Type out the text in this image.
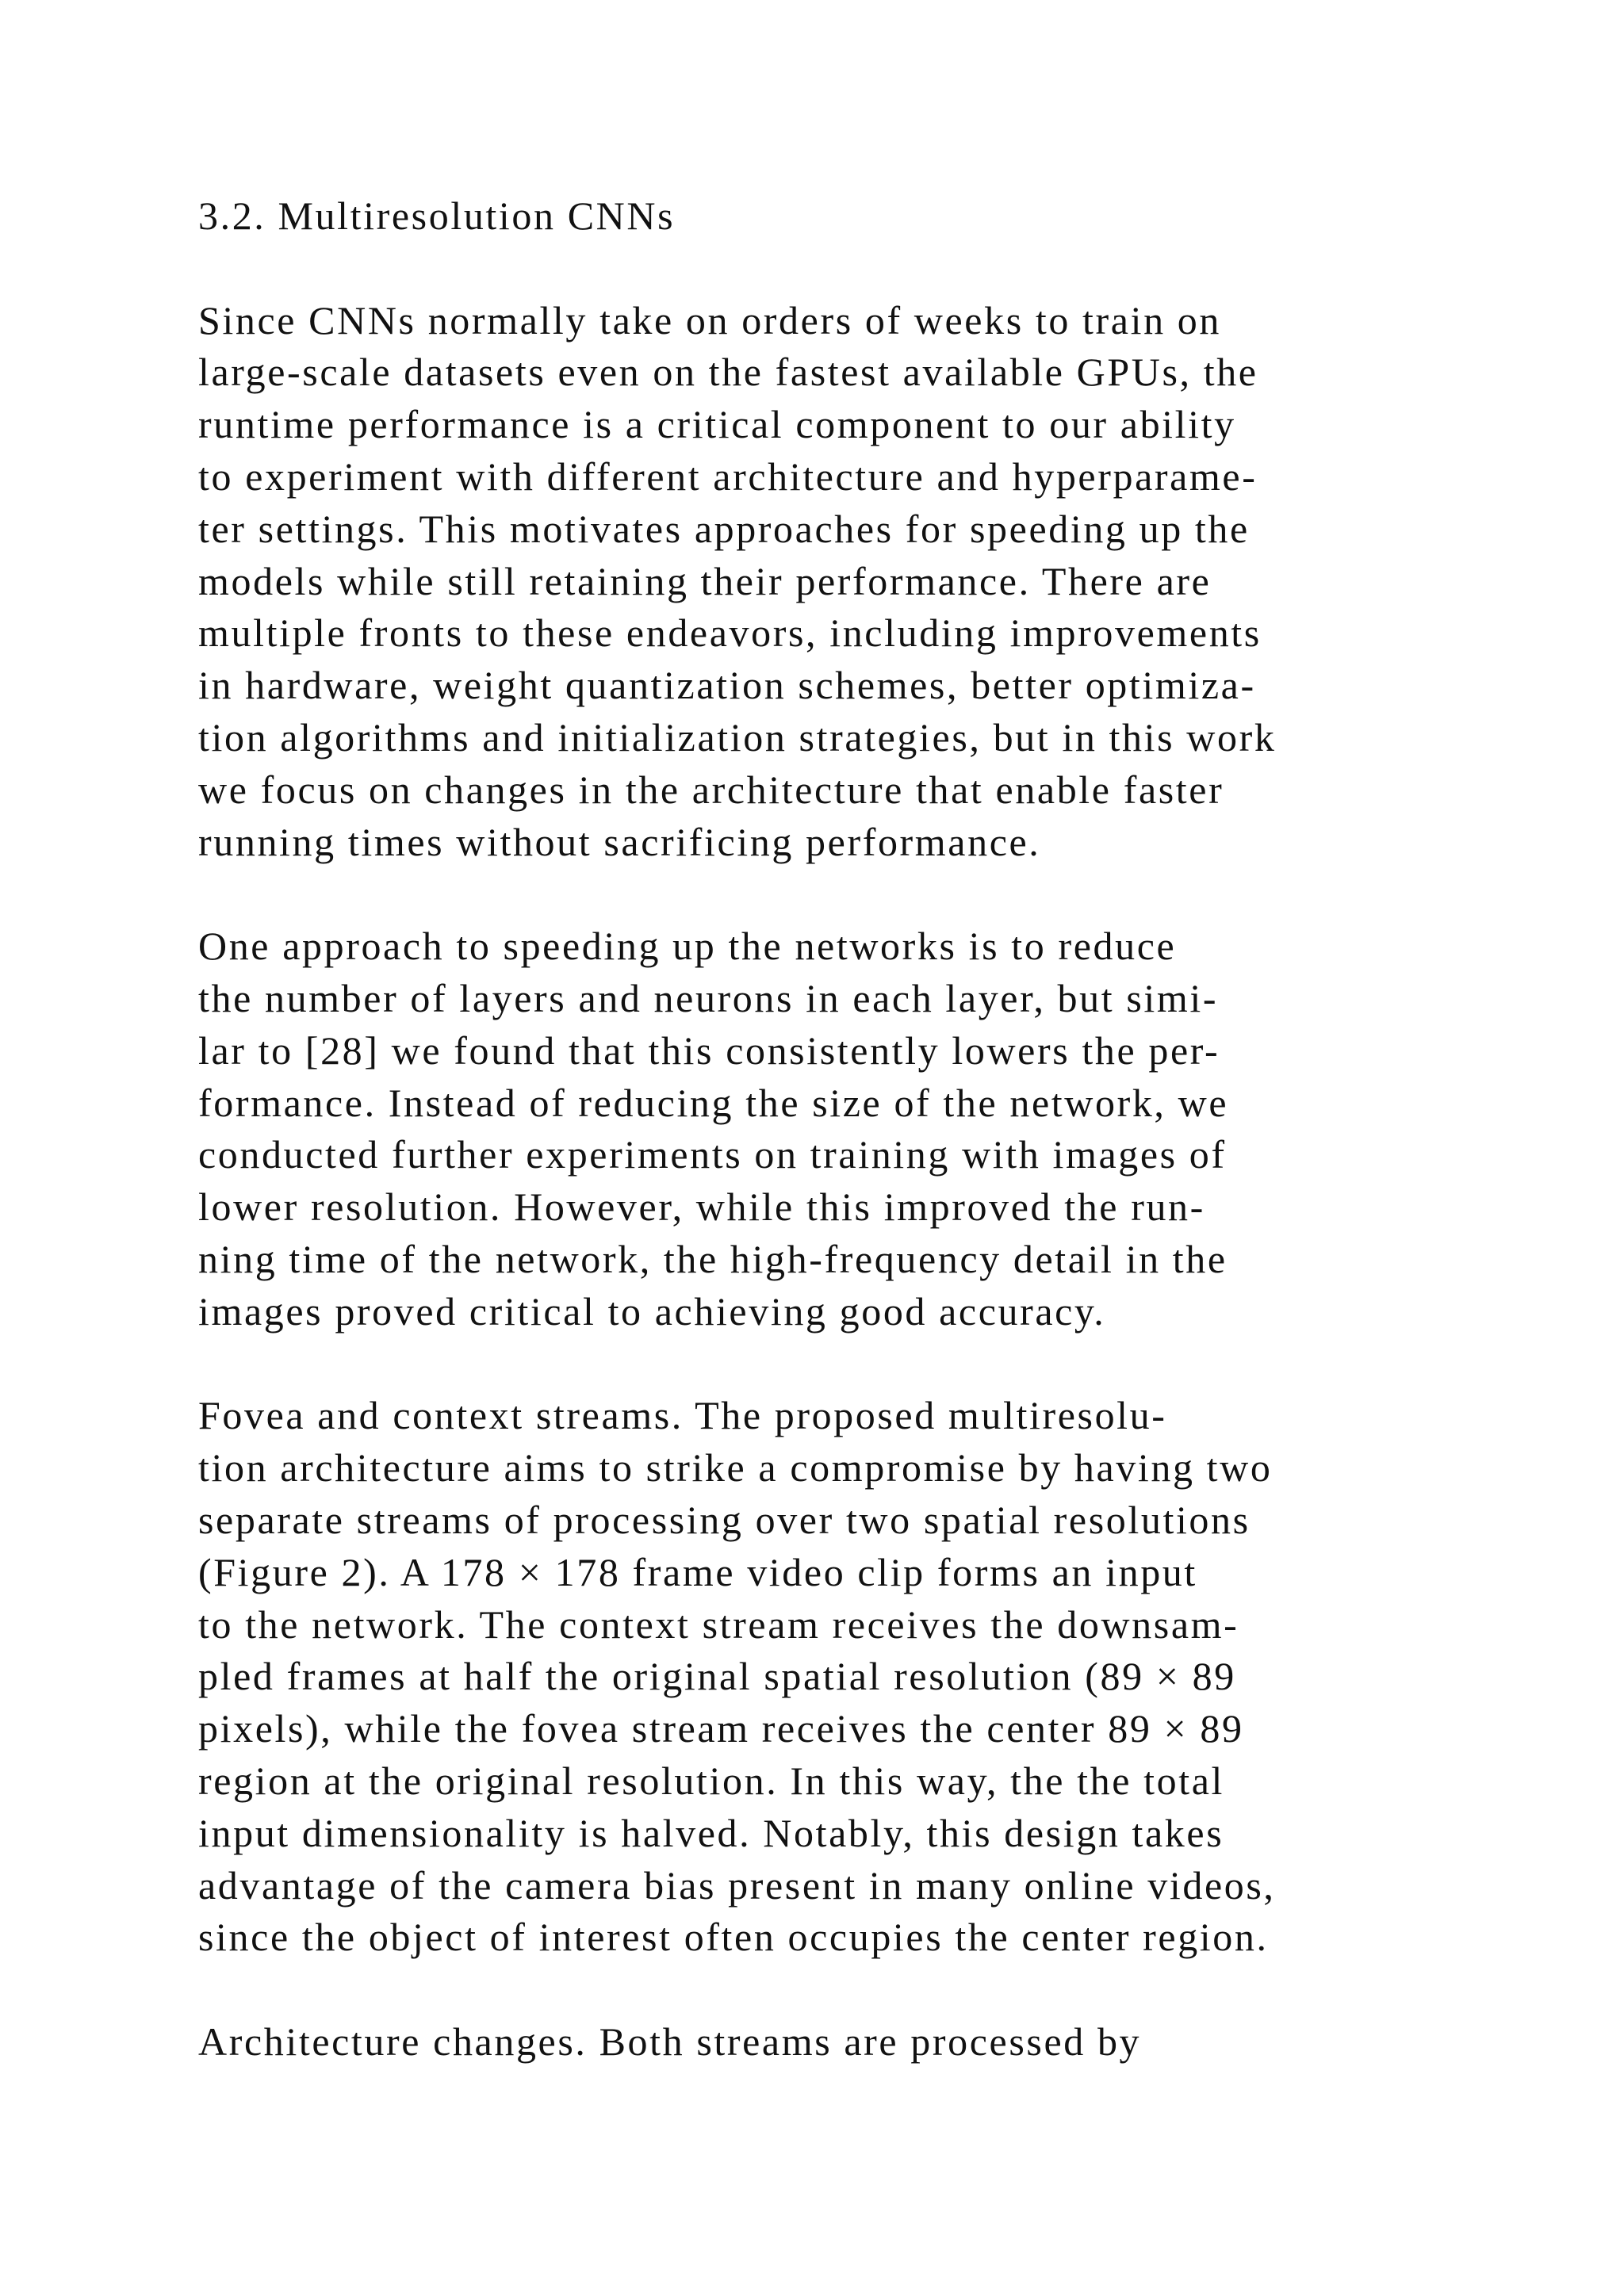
3.2. Multiresolution CNNs
Since CNNs normally take on orders of weeks to train on
large-scale datasets even on the fastest available GPUs, the
runtime performance is a critical component to our ability
to experiment with different architecture and hyperparame-
ter settings. This motivates approaches for speeding up the
models while still retaining their performance. There are
multiple fronts to these endeavors, including improvements
in hardware, weight quantization schemes, better optimiza-
tion algorithms and initialization strategies, but in this work
we focus on changes in the architecture that enable faster
running times without sacrificing performance.
One approach to speeding up the networks is to reduce
the number of layers and neurons in each layer, but simi-
lar to [28] we found that this consistently lowers the per-
formance. Instead of reducing the size of the network, we
conducted further experiments on training with images of
lower resolution. However, while this improved the run-
ning time of the network, the high-frequency detail in the
images proved critical to achieving good accuracy.
Fovea and context streams. The proposed multiresolu-
tion architecture aims to strike a compromise by having two
separate streams of processing over two spatial resolutions
(Figure 2). A 178 × 178 frame video clip forms an input
to the network. The context stream receives the downsam-
pled frames at half the original spatial resolution (89 × 89
pixels), while the fovea stream receives the center 89 × 89
region at the original resolution. In this way, the the total
input dimensionality is halved. Notably, this design takes
advantage of the camera bias present in many online videos,
since the object of interest often occupies the center region.
Architecture changes. Both streams are processed by
